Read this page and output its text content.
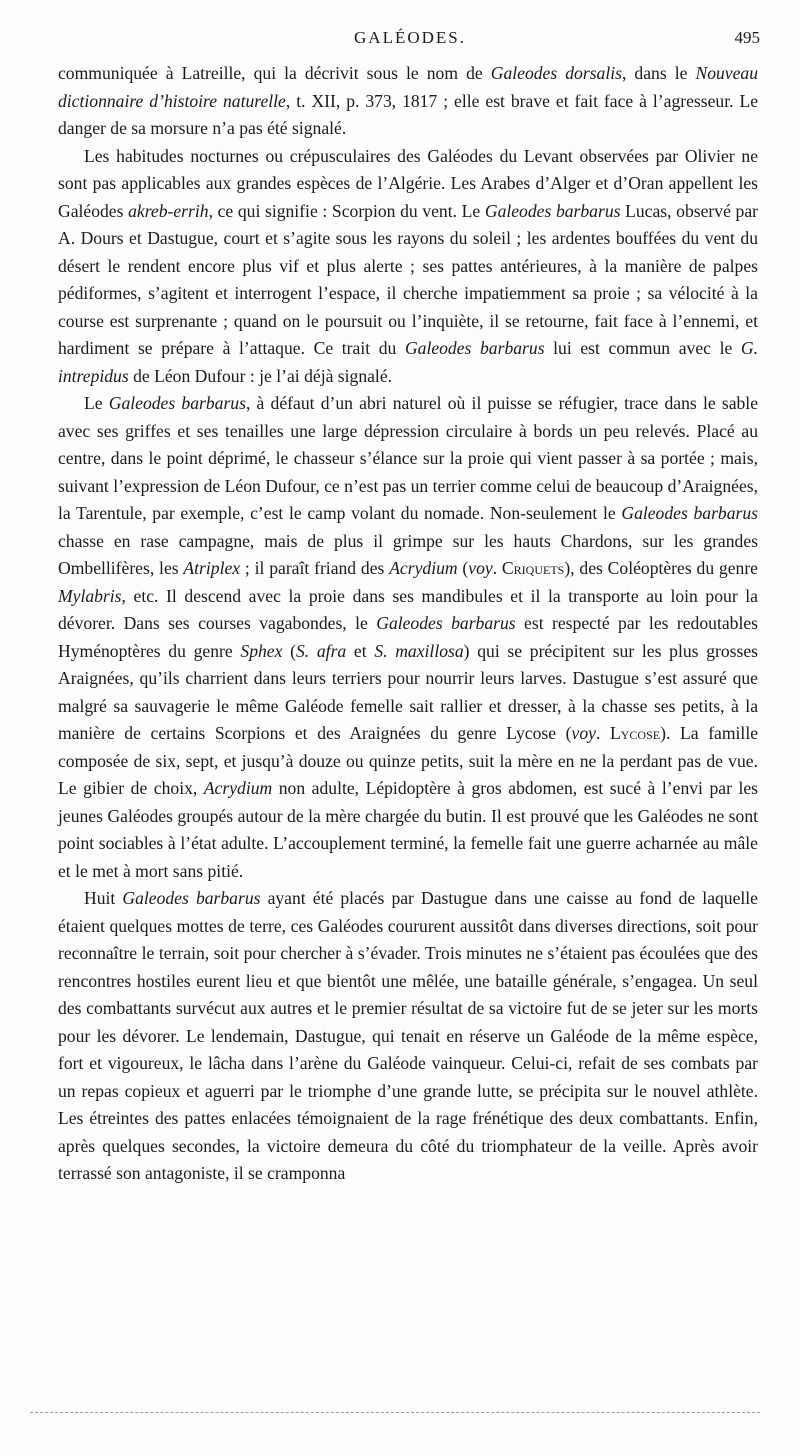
GALÉODES.	495

communiquée à Latreille, qui la décrivit sous le nom de Galeodes dorsalis, dans le Nouveau dictionnaire d’histoire naturelle, t. XII, p. 373, 1817 ; elle est brave et fait face à l’agresseur. Le danger de sa morsure n’a pas été signalé.

Les habitudes nocturnes ou crépusculaires des Galéodes du Levant observées par Olivier ne sont pas applicables aux grandes espèces de l’Algérie. Les Arabes d’Alger et d’Oran appellent les Galéodes akreb-errih, ce qui signifie : Scorpion du vent. Le Galeodes barbarus Lucas, observé par A. Dours et Dastugue, court et s’agite sous les rayons du soleil ; les ardentes bouffées du vent du désert le rendent encore plus vif et plus alerte ; ses pattes antérieures, à la manière de palpes pédiformes, s’agitent et interrogent l’espace, il cherche impatiemment sa proie ; sa vélocité à la course est surprenante ; quand on le poursuit ou l’inquiète, il se retourne, fait face à l’ennemi, et hardiment se prépare à l’attaque. Ce trait du Galeodes barbarus lui est commun avec le G. intrepidus de Léon Dufour : je l’ai déjà signalé.

Le Galeodes barbarus, à défaut d’un abri naturel où il puisse se réfugier, trace dans le sable avec ses griffes et ses tenailles une large dépression circulaire à bords un peu relevés. Placé au centre, dans le point déprimé, le chasseur s’élance sur la proie qui vient passer à sa portée ; mais, suivant l’expression de Léon Dufour, ce n’est pas un terrier comme celui de beaucoup d’Araignées, la Tarentule, par exemple, c’est le camp volant du nomade. Non-seulement le Galeodes barbarus chasse en rase campagne, mais de plus il grimpe sur les hauts Chardons, sur les grandes Ombellifères, les Atriplex ; il paraît friand des Acrydium (voy. Criquets), des Coléoptères du genre Mylabris, etc. Il descend avec la proie dans ses mandibules et il la transporte au loin pour la dévorer. Dans ses courses vagabondes, le Galeodes barbarus est respecté par les redoutables Hyménoptères du genre Sphex (S. afra et S. maxillosa) qui se précipitent sur les plus grosses Araignées, qu’ils charrient dans leurs terriers pour nourrir leurs larves. Dastugue s’est assuré que malgré sa sauvagerie le même Galéode femelle sait rallier et dresser, à la chasse ses petits, à la manière de certains Scorpions et des Araignées du genre Lycose (voy. Lycose). La famille composée de six, sept, et jusqu’à douze ou quinze petits, suit la mère en ne la perdant pas de vue. Le gibier de choix, Acrydium non adulte, Lépidoptère à gros abdomen, est sucé à l’envi par les jeunes Galéodes groupés autour de la mère chargée du butin. Il est prouvé que les Galéodes ne sont point sociables à l’état adulte. L’accouplement terminé, la femelle fait une guerre acharnée au mâle et le met à mort sans pitié.

Huit Galeodes barbarus ayant été placés par Dastugue dans une caisse au fond de laquelle étaient quelques mottes de terre, ces Galéodes coururent aussitôt dans diverses directions, soit pour reconnaître le terrain, soit pour chercher à s’évader. Trois minutes ne s’étaient pas écoulées que des rencontres hostiles eurent lieu et que bientôt une mêlée, une bataille générale, s’engagea. Un seul des combattants survécut aux autres et le premier résultat de sa victoire fut de se jeter sur les morts pour les dévorer. Le lendemain, Dastugue, qui tenait en réserve un Galéode de la même espèce, fort et vigoureux, le lâcha dans l’arène du Galéode vainqueur. Celui-ci, refait de ses combats par un repas copieux et aguerri par le triomphe d’une grande lutte, se précipita sur le nouvel athlète. Les étreintes des pattes enlacées témoignaient de la rage frénétique des deux combattants. Enfin, après quelques secondes, la victoire demeura du côté du triomphateur de la veille. Après avoir terrassé son antagoniste, il se cramponna
